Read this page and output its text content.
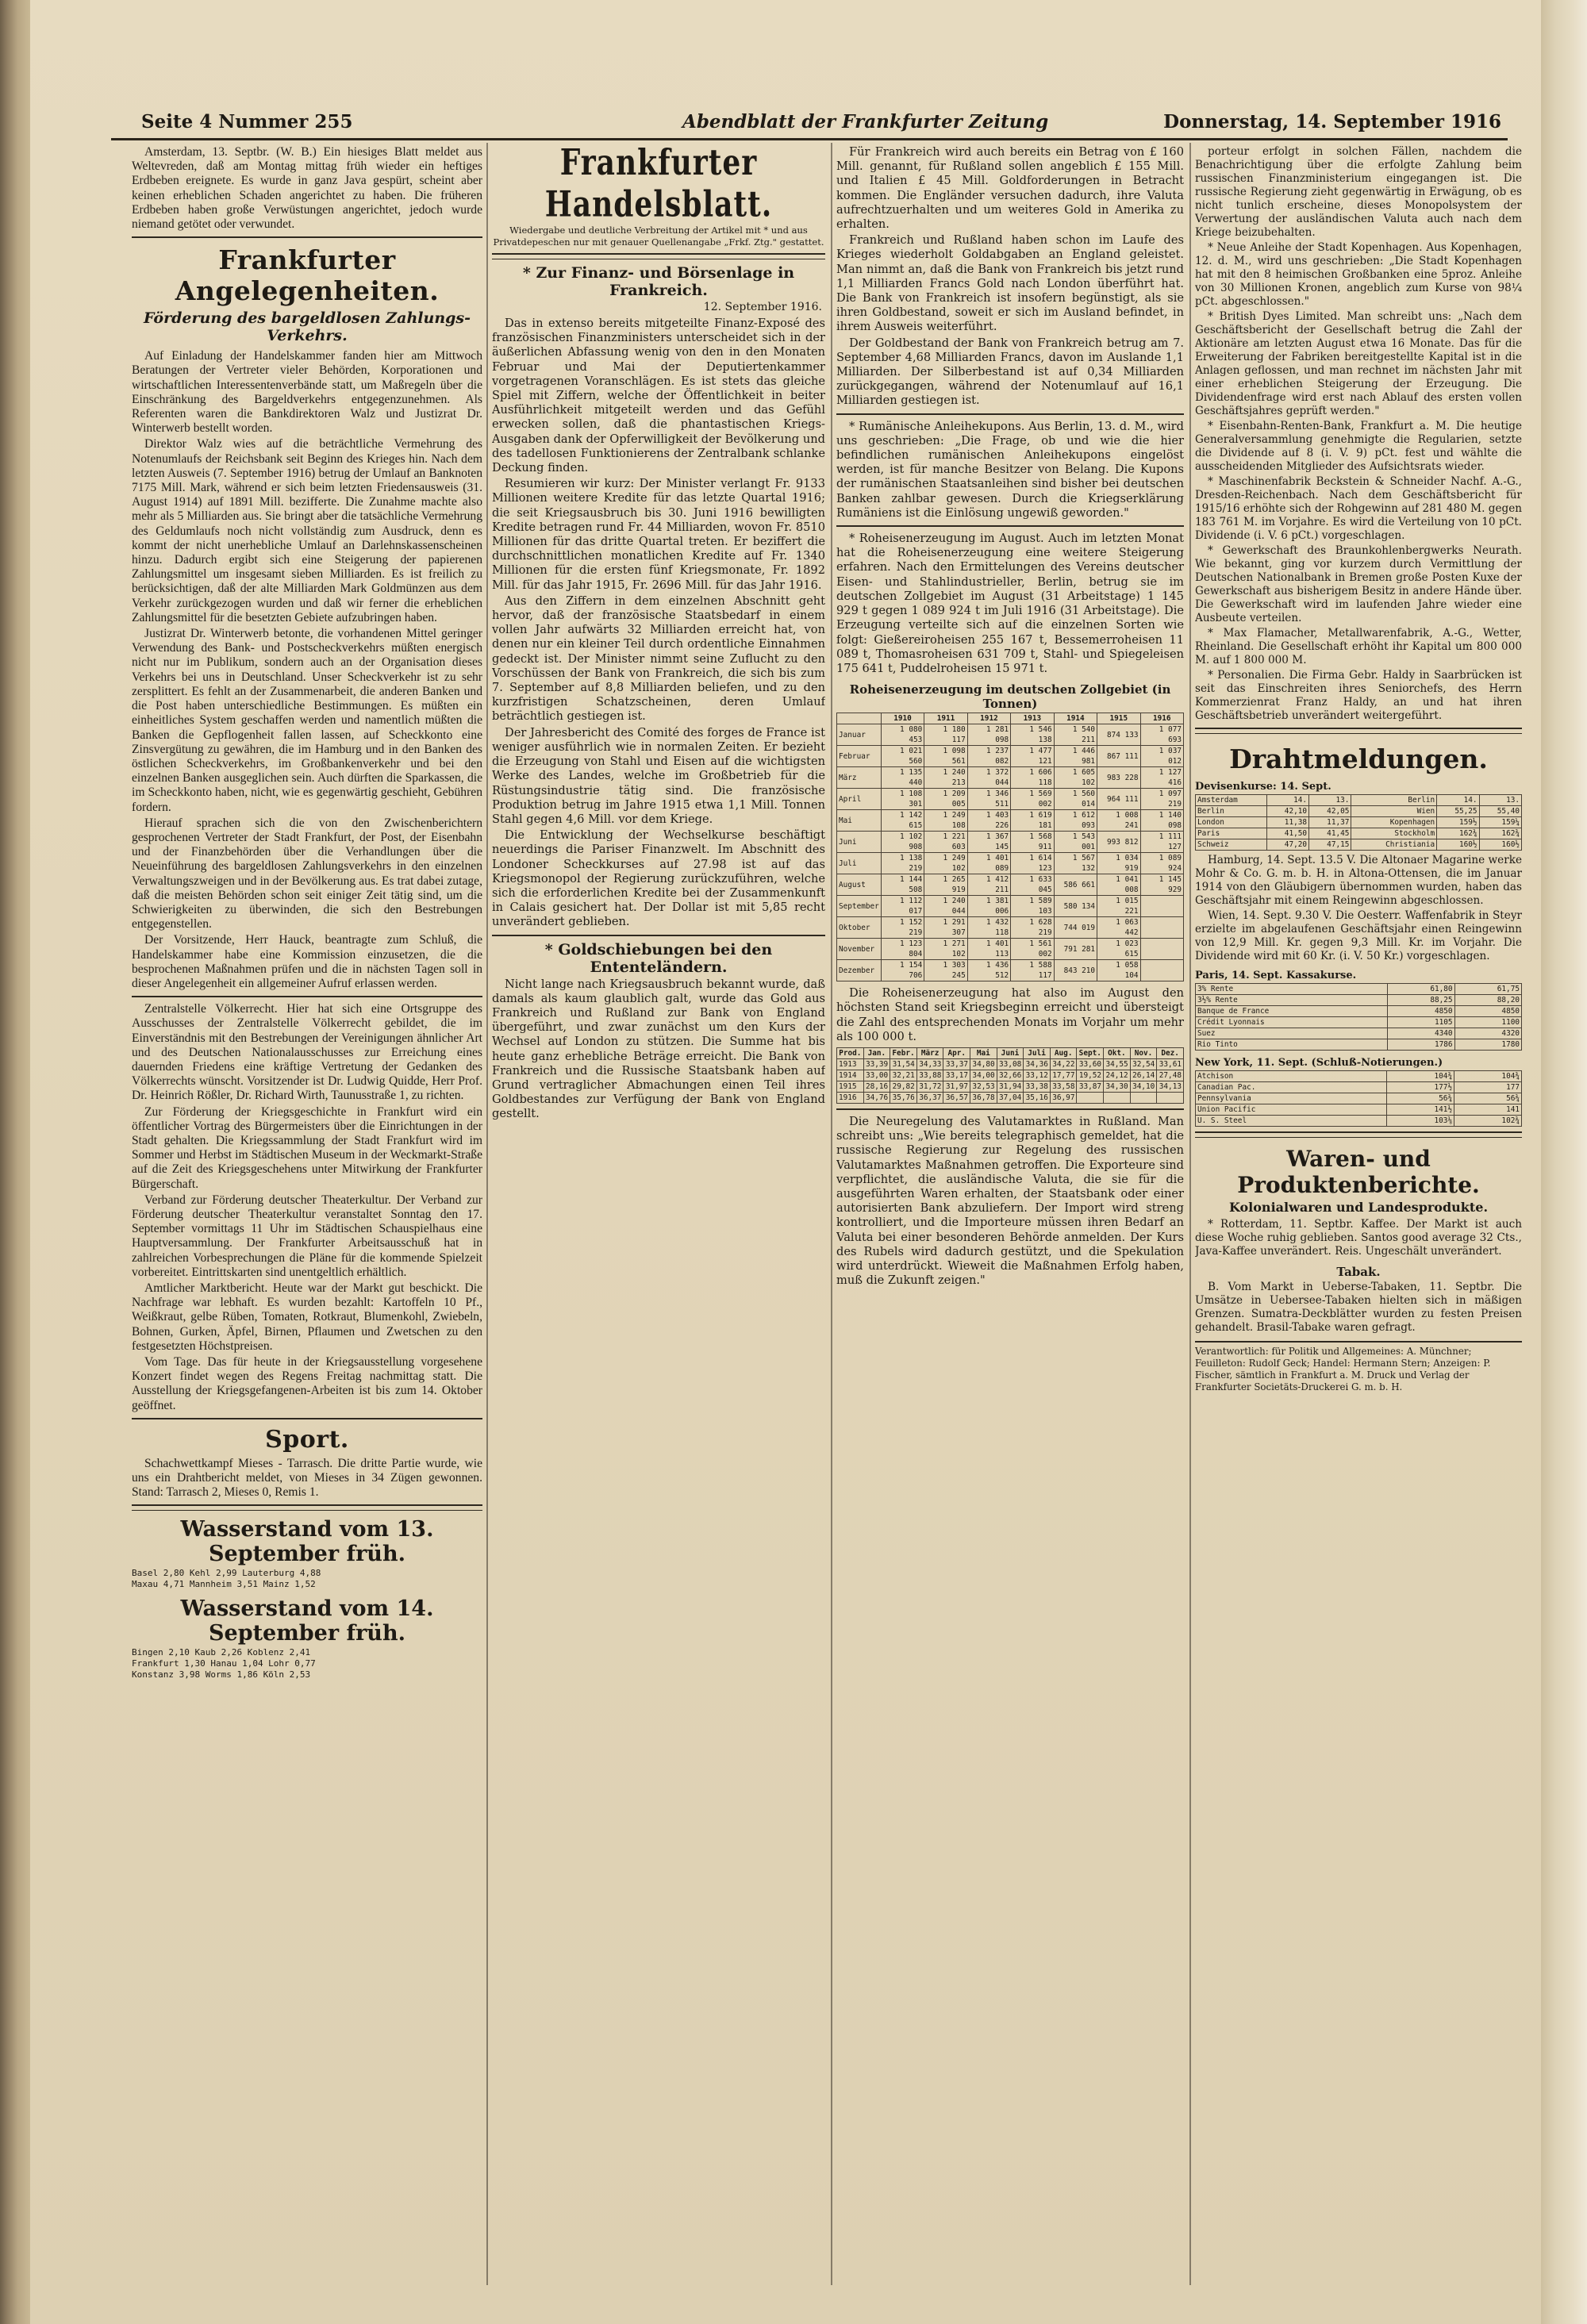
Seite 4 Nummer 255	Abendblatt der Frankfurter Zeitung	Donnerstag, 14. September 1916

Amsterdam, 13. Septbr. (W. B.) Ein hiesiges Blatt meldet aus Weltevreden, daß am Montag mittag früh wieder ein heftiges Erdbeben ereignete. Es wurde in ganz Java gespürt, scheint aber keinen erheblichen Schaden angerichtet zu haben. Die früheren Erdbeben haben große Verwüstungen angerichtet, jedoch wurde niemand getötet oder verwundet.

Frankfurter Angelegenheiten.
Förderung des bargeldlosen Zahlungs-Verkehrs.

Auf Einladung der Handelskammer fanden hier am Mittwoch Beratungen der Vertreter vieler Behörden, Korporationen und wirtschaftlichen Interessentenverbände statt, um Maßregeln über die Einschränkung des Bargeldverkehrs entgegenzunehmen. Als Referenten waren die Bankdirektoren Walz und Justizrat Dr. Winterwerb bestellt worden.

Direktor Walz wies auf die beträchtliche Vermehrung des Notenumlaufs der Reichsbank seit Beginn des Krieges hin. Nach dem letzten Ausweis (7. September 1916) betrug der Umlauf an Banknoten 7175 Mill. Mark, während er sich beim letzten Friedensausweis (31. August 1914) auf 1891 Mill. bezifferte. Die Zunahme machte also mehr als 5 Milliarden aus. Sie bringt aber die tatsächliche Vermehrung des Geldumlaufs noch nicht vollständig zum Ausdruck, denn es kommt der nicht unerhebliche Umlauf an Darlehnskassenscheinen hinzu. Dadurch ergibt sich eine Steigerung der papierenen Zahlungsmittel um insgesamt sieben Milliarden. Es ist freilich zu berücksichtigen, daß der alte Milliarden Mark Goldmünzen aus dem Verkehr zurückgezogen wurden und daß wir ferner die erheblichen Zahlungsmittel für die besetzten Gebiete aufzubringen haben.

Justizrat Dr. Winterwerb betonte, die vorhandenen Mittel geringer Verwendung des Bank- und Postscheckverkehrs müßten energisch nicht nur im Publikum, sondern auch an der Organisation dieses Verkehrs bei uns in Deutschland. Unser Scheckverkehr ist zu sehr zersplittert. Es fehlt an der Zusammenarbeit, die anderen Banken und die Post haben unterschiedliche Bestimmungen. Es müßten ein einheitliches System geschaffen werden und namentlich müßten die Banken die Gepflogenheit fallen lassen, auf Scheckkonto eine Zinsvergütung zu gewähren, die im Hamburg und in den Banken des östlichen Scheckverkehrs, im Großbankenverkehr und bei den einzelnen Banken ausgeglichen sein. Auch dürften die Sparkassen, die im Scheckkonto haben, nicht, wie es gegenwärtig geschieht, Gebühren fordern.

Hierauf sprachen sich die von den Zwischenberichtern gesprochenen Vertreter der Stadt Frankfurt, der Post, der Eisenbahn und der Finanzbehörden über die Verhandlungen über die Neueinführung des bargeldlosen Zahlungsverkehrs in den einzelnen Verwaltungszweigen und in der Bevölkerung aus. Es trat dabei zutage, daß die meisten Behörden schon seit einiger Zeit tätig sind, um die Schwierigkeiten zu überwinden, die sich den Bestrebungen entgegenstellen.

Der Vorsitzende, Herr Hauck, beantragte zum Schluß, die Handelskammer habe eine Kommission einzusetzen, die die besprochenen Maßnahmen prüfen und die in nächsten Tagen soll in dieser Angelegenheit ein allgemeiner Aufruf erlassen werden.

Zentralstelle Völkerrecht. Hier hat sich eine Ortsgruppe des Ausschusses der Zentralstelle Völkerrecht gebildet, die im Einverständnis mit den Bestrebungen der Vereinigungen ähnlicher Art und des Deutschen Nationalausschusses zur Erreichung eines dauernden Friedens eine kräftige Vertretung der Gedanken des Völkerrechts wünscht. Vorsitzender ist Dr. Ludwig Quidde, Herr Prof. Dr. Heinrich Rößler, Dr. Richard Wirth, Taunusstraße 1, zu richten.

Zur Förderung der Kriegsgeschichte in Frankfurt wird ein öffentlicher Vortrag des Bürgermeisters über die Einrichtungen in der Stadt gehalten. Die Kriegssammlung der Stadt Frankfurt wird im Sommer und Herbst im Städtischen Museum in der Weckmarkt-Straße auf die Zeit des Kriegsgeschehens unter Mitwirkung der Frankfurter Bürgerschaft.

Verband zur Förderung deutscher Theaterkultur. Der Verband zur Förderung deutscher Theaterkultur veranstaltet Sonntag den 17. September vormittags 11 Uhr im Städtischen Schauspielhaus eine Hauptversammlung. Der Frankfurter Arbeitsausschuß hat in zahlreichen Vorbesprechungen die Pläne für die kommende Spielzeit vorbereitet. Eintrittskarten sind unentgeltlich erhältlich.

Amtlicher Marktbericht. Heute war der Markt gut beschickt. Die Nachfrage war lebhaft. Es wurden bezahlt: Kartoffeln 10 Pf., Weißkraut, gelbe Rüben, Tomaten, Rotkraut, Blumenkohl, Zwiebeln, Bohnen, Gurken, Äpfel, Birnen, Pflaumen und Zwetschen zu den festgesetzten Höchstpreisen.

Vom Tage. Das für heute in der Kriegsausstellung vorgesehene Konzert findet wegen des Regens Freitag nachmittag statt. Die Ausstellung der Kriegsgefangenen-Arbeiten ist bis zum 14. Oktober geöffnet.

Sport.

Schachwettkampf Mieses - Tarrasch. Die dritte Partie wurde, wie uns ein Drahtbericht meldet, von Mieses in 34 Zügen gewonnen. Stand: Tarrasch 2, Mieses 0, Remis 1.

Wasserstand vom 13. September früh.
Basel 2,80 Kehl 2,99 Lauterburg 4,88
Maxau 4,71 Mannheim 3,51 Mainz 1,52
Wasserstand vom 14. September früh.
Bingen 2,10 Kaub 2,26 Koblenz 2,41
Frankfurt 1,30 Hanau 1,04 Lohr 0,77
Konstanz 3,98 Worms 1,86 Köln 2,53
Frankfurter Handelsblatt.
Wiedergabe und deutliche Verbreitung der Artikel mit * und aus Privatdepeschen nur mit genauer Quellenangabe „Frkf. Ztg." gestattet.
* Zur Finanz- und Börsenlage in Frankreich.
12. September 1916.

Das in extenso bereits mitgeteilte Finanz-Exposé des französischen Finanzministers unterscheidet sich in der äußerlichen Abfassung wenig von den in den Monaten Februar und Mai der Deputiertenkammer vorgetragenen Voranschlägen. Es ist stets das gleiche Spiel mit Ziffern, welche der Öffentlichkeit in beiter Ausführlichkeit mitgeteilt werden und das Gefühl erwecken sollen, daß die phantastischen Kriegs-Ausgaben dank der Opferwilligkeit der Bevölkerung und des tadellosen Funktionierens der Zentralbank schlanke Deckung finden.

Resumieren wir kurz: Der Minister verlangt Fr. 9133 Millionen weitere Kredite für das letzte Quartal 1916; die seit Kriegsausbruch bis 30. Juni 1916 bewilligten Kredite betragen rund Fr. 44 Milliarden, wovon Fr. 8510 Millionen für das dritte Quartal treten. Er beziffert die durchschnittlichen monatlichen Kredite auf Fr. 1340 Millionen für die ersten fünf Kriegsmonate, Fr. 1892 Mill. für das Jahr 1915, Fr. 2696 Mill. für das Jahr 1916.

Aus den Ziffern in dem einzelnen Abschnitt geht hervor, daß der französische Staatsbedarf in einem vollen Jahr aufwärts 32 Milliarden erreicht hat, von denen nur ein kleiner Teil durch ordentliche Einnahmen gedeckt ist. Der Minister nimmt seine Zuflucht zu den Vorschüssen der Bank von Frankreich, die sich bis zum 7. September auf 8,8 Milliarden beliefen, und zu den kurzfristigen Schatzscheinen, deren Umlauf beträchtlich gestiegen ist.

Der Jahresbericht des Comité des forges de France ist weniger ausführlich wie in normalen Zeiten. Er bezieht die Erzeugung von Stahl und Eisen auf die wichtigsten Werke des Landes, welche im Großbetrieb für die Rüstungsindustrie tätig sind. Die französische Produktion betrug im Jahre 1915 etwa 1,1 Mill. Tonnen Stahl gegen 4,6 Mill. vor dem Kriege.

Die Entwicklung der Wechselkurse beschäftigt neuerdings die Pariser Finanzwelt. Im Abschnitt des Londoner Scheckkurses auf 27.98 ist auf das Kriegsmonopol der Regierung zurückzuführen, welche sich die erforderlichen Kredite bei der Zusammenkunft in Calais gesichert hat. Der Dollar ist mit 5,85 recht unverändert geblieben.

* Goldschiebungen bei den Ententeländern.

Nicht lange nach Kriegsausbruch bekannt wurde, daß damals als kaum glaublich galt, wurde das Gold aus Frankreich und Rußland zur Bank von England übergeführt, und zwar zunächst um den Kurs der Wechsel auf London zu stützen. Die Summe hat bis heute ganz erhebliche Beträge erreicht. Die Bank von Frankreich und die Russische Staatsbank haben auf Grund vertraglicher Abmachungen einen Teil ihres Goldbestandes zur Verfügung der Bank von England gestellt.

Für Frankreich wird auch bereits ein Betrag von £ 160 Mill. genannt, für Rußland sollen angeblich £ 155 Mill. und Italien £ 45 Mill. Goldforderungen in Betracht kommen. Die Engländer versuchen dadurch, ihre Valuta aufrechtzuerhalten und um weiteres Gold in Amerika zu erhalten.

Frankreich und Rußland haben schon im Laufe des Krieges wiederholt Goldabgaben an England geleistet. Man nimmt an, daß die Bank von Frankreich bis jetzt rund 1,1 Milliarden Francs Gold nach London überführt hat. Die Bank von Frankreich ist insofern begünstigt, als sie ihren Goldbestand, soweit er sich im Ausland befindet, in ihrem Ausweis weiterführt.

Der Goldbestand der Bank von Frankreich betrug am 7. September 4,68 Milliarden Francs, davon im Auslande 1,1 Milliarden. Der Silberbestand ist auf 0,34 Milliarden zurückgegangen, während der Notenumlauf auf 16,1 Milliarden gestiegen ist.

* Rumänische Anleihekupons. Aus Berlin, 13. d. M., wird uns geschrieben: „Die Frage, ob und wie die hier befindlichen rumänischen Anleihekupons eingelöst werden, ist für manche Besitzer von Belang. Die Kupons der rumänischen Staatsanleihen sind bisher bei deutschen Banken zahlbar gewesen. Durch die Kriegserklärung Rumäniens ist die Einlösung ungewiß geworden."

* Roheisenerzeugung im August. Auch im letzten Monat hat die Roheisenerzeugung eine weitere Steigerung erfahren. Nach den Ermittelungen des Vereins deutscher Eisen- und Stahlindustrieller, Berlin, betrug sie im deutschen Zollgebiet im August (31 Arbeitstage) 1 145 929 t gegen 1 089 924 t im Juli 1916 (31 Arbeitstage). Die Erzeugung verteilte sich auf die einzelnen Sorten wie folgt: Gießereiroheisen 255 167 t, Bessemerroheisen 11 089 t, Thomasroheisen 631 709 t, Stahl- und Spiegeleisen 175 641 t, Puddelroheisen 15 971 t.

Roheisenerzeugung im deutschen Zollgebiet (in Tonnen)
	1910	1911	1912	1913	1914	1915	1916
Januar	1 080 453	1 180 117	1 281 098	1 546 138	1 540 211	874 133	1 077 693
Februar	1 021 560	1 098 561	1 237 082	1 477 121	1 446 981	867 111	1 037 012
März	1 135 440	1 240 213	1 372 044	1 606 118	1 605 102	983 228	1 127 416
April	1 108 301	1 209 005	1 346 511	1 569 002	1 560 014	964 111	1 097 219
Mai	1 142 615	1 249 108	1 403 226	1 619 181	1 612 093	1 008 241	1 140 098
Juni	1 102 908	1 221 603	1 367 145	1 568 911	1 543 001	993 812	1 111 127
Juli	1 138 219	1 249 102	1 401 089	1 614 123	1 567 132	1 034 919	1 089 924
August	1 144 508	1 265 919	1 412 211	1 633 045	586 661	1 041 008	1 145 929
September	1 112 017	1 240 044	1 381 006	1 589 103	580 134	1 015 221	
Oktober	1 152 219	1 291 307	1 432 118	1 628 219	744 019	1 063 442	
November	1 123 804	1 271 102	1 401 113	1 561 002	791 281	1 023 615	
Dezember	1 154 706	1 303 245	1 436 512	1 588 117	843 210	1 058 104	

Die Roheisenerzeugung hat also im August den höchsten Stand seit Kriegsbeginn erreicht und übersteigt die Zahl des entsprechenden Monats im Vorjahr um mehr als 100 000 t.

Prod.	Jan.	Febr.	März	Apr.	Mai	Juni	Juli	Aug.	Sept.	Okt.	Nov.	Dez.
1913	33,39	31,54	34,33	33,37	34,80	33,08	34,36	34,22	33,60	34,55	32,54	33,61
1914	33,00	32,21	33,88	33,17	34,00	32,66	33,12	17,77	19,52	24,12	26,14	27,48
1915	28,16	29,82	31,72	31,97	32,53	31,94	33,38	33,58	33,87	34,30	34,10	34,13
1916	34,76	35,76	36,37	36,57	36,78	37,04	35,16	36,97				

Die Neuregelung des Valutamarktes in Rußland. Man schreibt uns: „Wie bereits telegraphisch gemeldet, hat die russische Regierung zur Regelung des russischen Valutamarktes Maßnahmen getroffen. Die Exporteure sind verpflichtet, die ausländische Valuta, die sie für die ausgeführten Waren erhalten, der Staatsbank oder einer autorisierten Bank abzuliefern. Der Import wird streng kontrolliert, und die Importeure müssen ihren Bedarf an Valuta bei einer besonderen Behörde anmelden. Der Kurs des Rubels wird dadurch gestützt, und die Spekulation wird unterdrückt. Wieweit die Maßnahmen Erfolg haben, muß die Zukunft zeigen."

porteur erfolgt in solchen Fällen, nachdem die Benachrichtigung über die erfolgte Zahlung beim russischen Finanzministerium eingegangen ist. Die russische Regierung zieht gegenwärtig in Erwägung, ob es nicht tunlich erscheine, dieses Monopolsystem der Verwertung der ausländischen Valuta auch nach dem Kriege beizubehalten.

* Neue Anleihe der Stadt Kopenhagen. Aus Kopenhagen, 12. d. M., wird uns geschrieben: „Die Stadt Kopenhagen hat mit den 8 heimischen Großbanken eine 5proz. Anleihe von 30 Millionen Kronen, angeblich zum Kurse von 98¼ pCt. abgeschlossen."

* British Dyes Limited. Man schreibt uns: „Nach dem Geschäftsbericht der Gesellschaft betrug die Zahl der Aktionäre am letzten August etwa 16 Monate. Das für die Erweiterung der Fabriken bereitgestellte Kapital ist in die Anlagen geflossen, und man rechnet im nächsten Jahr mit einer erheblichen Steigerung der Erzeugung. Die Dividendenfrage wird erst nach Ablauf des ersten vollen Geschäftsjahres geprüft werden."

* Eisenbahn-Renten-Bank, Frankfurt a. M. Die heutige Generalversammlung genehmigte die Regularien, setzte die Dividende auf 8 (i. V. 9) pCt. fest und wählte die ausscheidenden Mitglieder des Aufsichtsrats wieder.

* Maschinenfabrik Beckstein & Schneider Nachf. A.-G., Dresden-Reichenbach. Nach dem Geschäftsbericht für 1915/16 erhöhte sich der Rohgewinn auf 281 480 M. gegen 183 761 M. im Vorjahre. Es wird die Verteilung von 10 pCt. Dividende (i. V. 6 pCt.) vorgeschlagen.

* Gewerkschaft des Braunkohlenbergwerks Neurath. Wie bekannt, ging vor kurzem durch Vermittlung der Deutschen Nationalbank in Bremen große Posten Kuxe der Gewerkschaft aus bisherigem Besitz in andere Hände über. Die Gewerkschaft wird im laufenden Jahre wieder eine Ausbeute verteilen.

* Max Flamacher, Metallwarenfabrik, A.-G., Wetter, Rheinland. Die Gesellschaft erhöht ihr Kapital um 800 000 M. auf 1 800 000 M.

* Personalien. Die Firma Gebr. Haldy in Saarbrücken ist seit das Einschreiten ihres Seniorchefs, des Herrn Kommerzienrat Franz Haldy, an und hat ihren Geschäftsbetrieb unverändert weitergeführt.

Drahtmeldungen.
Devisenkurse: 14. Sept.
Amsterdam	14.	13.	Berlin	14.	13.
Berlin	42,10	42,05	Wien	55,25	55,40
London	11,38	11,37	Kopenhagen	159½	159¼
Paris	41,50	41,45	Stockholm	162¾	162¾
Schweiz	47,20	47,15	Christiania	160½	160½

Hamburg, 14. Sept. 13.5 V. Die Altonaer Magarine werke Mohr & Co. G. m. b. H. in Altona-Ottensen, die im Januar 1914 von den Gläubigern übernommen wurden, haben das Geschäftsjahr mit einem Reingewinn abgeschlossen.

Wien, 14. Sept. 9.30 V. Die Oesterr. Waffenfabrik in Steyr erzielte im abgelaufenen Geschäftsjahr einen Reingewinn von 12,9 Mill. Kr. gegen 9,3 Mill. Kr. im Vorjahr. Die Dividende wird mit 60 Kr. (i. V. 50 Kr.) vorgeschlagen.

Paris, 14. Sept. Kassakurse.
3% Rente	61,80	61,75
3½% Rente	88,25	88,20
Banque de France	4850	4850
Crédit Lyonnais	1105	1100
Suez	4340	4320
Rio Tinto	1786	1780
New York, 11. Sept. (Schluß-Notierungen.)
Atchison	104¾	104¾
Canadian Pac.	177½	177
Pennsylvania	56¾	56¾
Union Pacific	141½	141
U. S. Steel	103⅛	102¾
Waren- und Produktenberichte.
Kolonialwaren und Landesprodukte.

* Rotterdam, 11. Septbr. Kaffee. Der Markt ist auch diese Woche ruhig geblieben. Santos good average 32 Cts., Java-Kaffee unverändert. Reis. Ungeschält unverändert.

Tabak.

B. Vom Markt in Ueberse-Tabaken, 11. Septbr. Die Umsätze in Uebersee-Tabaken hielten sich in mäßigen Grenzen. Sumatra-Deckblätter wurden zu festen Preisen gehandelt. Brasil-Tabake waren gefragt.

Verantwortlich: für Politik und Allgemeines: A. Münchner; Feuilleton: Rudolf Geck; Handel: Hermann Stern; Anzeigen: P. Fischer, sämtlich in Frankfurt a. M. Druck und Verlag der Frankfurter Societäts-Druckerei G. m. b. H.
